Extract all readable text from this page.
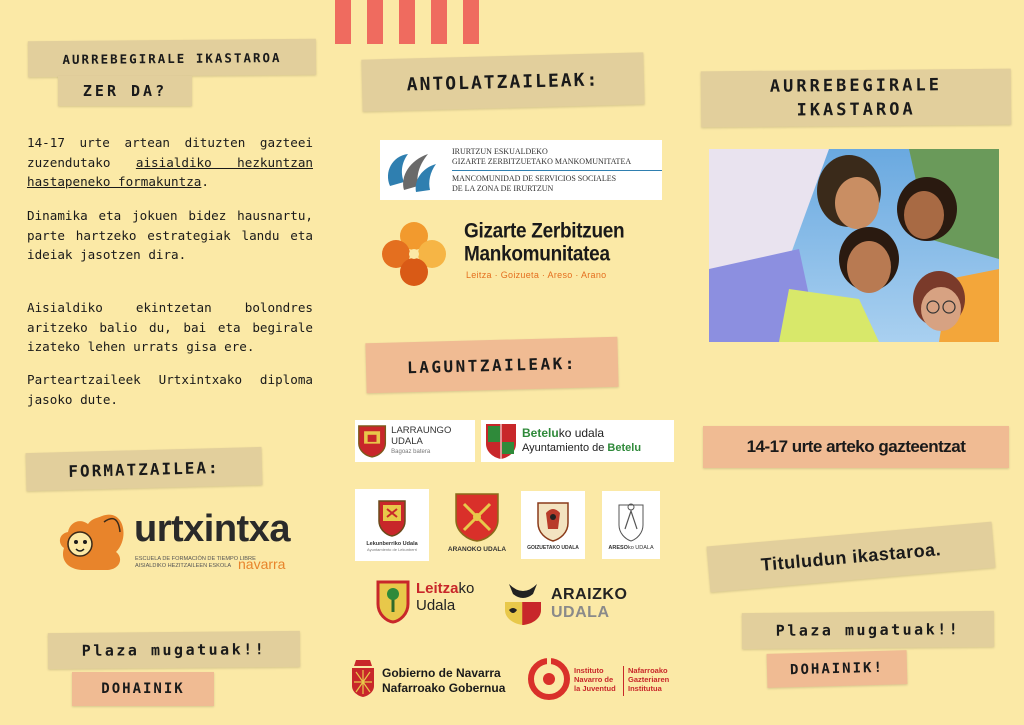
AURREBEGIRALE IKASTAROA
ZER DA?
14-17 urte artean dituzten gazteei zuzendutako aisialdiko hezkuntzan hastapeneko formakuntza.
Dinamika eta jokuen bidez hausnartu, parte hartzeko estrategiak landu eta ideiak jasotzen dira.
Aisialdiko ekintzetan bolondres aritzeko balio du, bai eta begirale izateko lehen urrats gisa ere.
Parteartzaileek Urtxintxako diploma jasoko dute.
FORMATZAILEA:
urtxintxa
ESCUELA DE FORMACIÓN DE TIEMPO LIBRE
AISIALDIKO HEZITZAILEEN ESKOLA navarra
Plaza mugatuak!!
DOHAINIK
ANTOLATZAILEAK:
IRURTZUN ESKUALDEKO
GIZARTE ZERBITZUETAKO MANKOMUNITATEA
MANCOMUNIDAD DE SERVICIOS SOCIALES
DE LA ZONA DE IRURTZUN
Gizarte Zerbitzuen
Mankomunitatea
Leitza · Goizueta · Areso · Arano
LAGUNTZAILEAK:
LARRAUNGO UDALA
Bagoaz batera
Beteluko udala
Ayuntamiento de Betelu
Lekunberriko Udala
Ayuntamiento de Lekunberri	ARANOKO UDALA	GOIZUETAKO UDALA	ARESOko UDALA
Leitzako
Udala
ARAIZKO
UDALA
Gobierno de Navarra
Nafarroako Gobernua
Instituto
Navarro de
la Juventud
Nafarroako
Gazteriaren
Institutua
AURREBEGIRALE
IKASTAROA
14-17 urte arteko gazteentzat
Tituludun ikastaroa.
Plaza mugatuak!!
DOHAINIK!
